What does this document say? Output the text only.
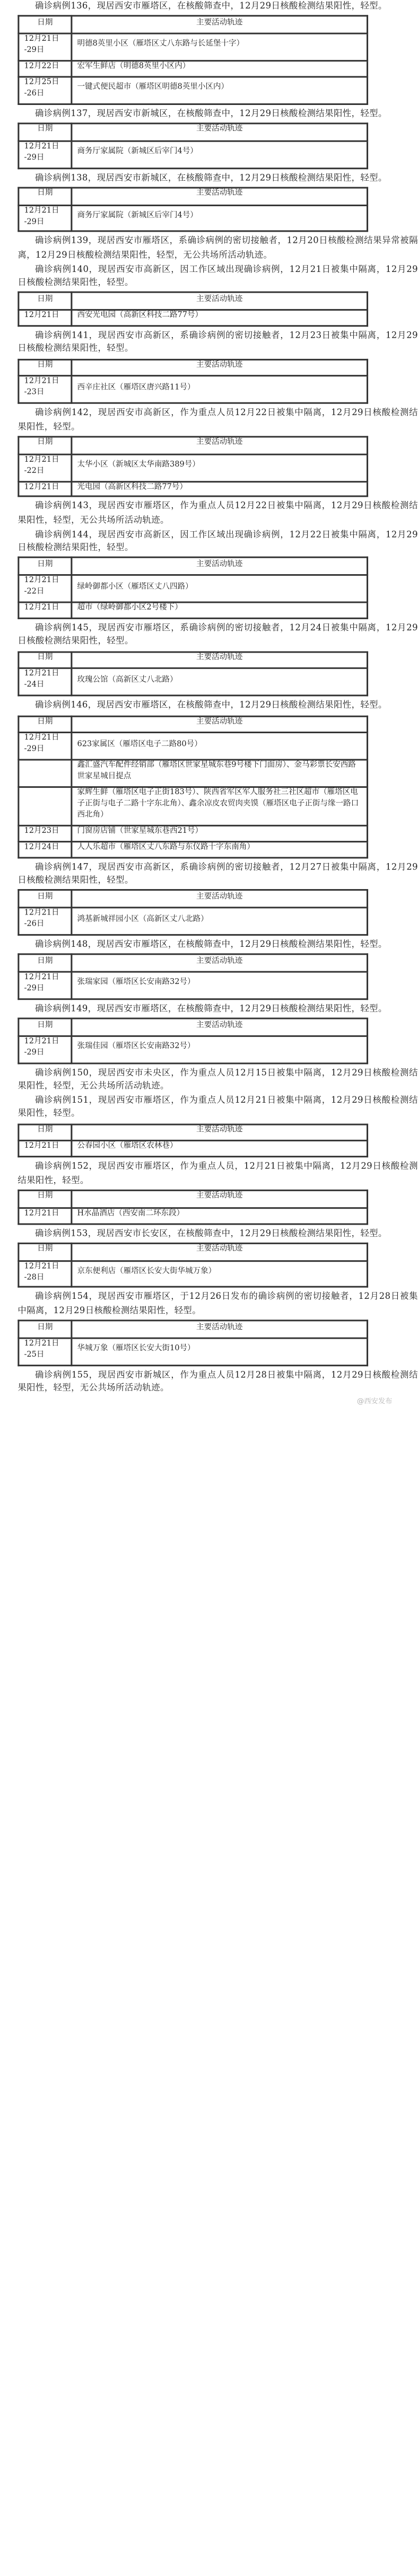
确诊病例136，现居西安市雁塔区，在核酸筛查中，12月29日核酸检测结果阳性，轻型。

日期	主要活动轨迹
12月21日
-29日	明德8英里小区（雁塔区丈八东路与长延堡十字）

12月22日	宏军生鲜店（明德8英里小区内）

12月25日
-26日	一键式便民超市（雁塔区明德8英里小区内）

确诊病例137，现居西安市新城区，在核酸筛查中，12月29日核酸检测结果阳性，轻型。

日期	主要活动轨迹
12月21日
-29日	商务厅家属院（新城区后宰门4号）

确诊病例138，现居西安市新城区，在核酸筛查中，12月29日核酸检测结果阳性，轻型。

日期	主要活动轨迹
12月21日
-29日	商务厅家属院（新城区后宰门4号）

确诊病例139，现居西安市雁塔区，系确诊病例的密切接触者，12月20日核酸检测结果异常被隔离，12月29日核酸检测结果阳性，轻型，无公共场所活动轨迹。

确诊病例140，现居西安市高新区，因工作区域出现确诊病例，12月21日被集中隔离，12月29日核酸检测结果阳性，轻型。

日期	主要活动轨迹
12月21日	西安光电园（高新区科技二路77号）

确诊病例141，现居西安市高新区，系确诊病例的密切接触者，12月23日被集中隔离，12月29日核酸检测结果阳性，轻型。

日期	主要活动轨迹
12月21日
-23日	西辛庄社区（雁塔区唐兴路11号）

确诊病例142，现居西安市高新区，作为重点人员12月22日被集中隔离，12月29日核酸检测结果阳性，轻型。

日期	主要活动轨迹
12月21日
-22日	太华小区（新城区太华南路389号）

12月21日	光电园（高新区科技二路77号）

确诊病例143，现居西安市雁塔区，作为重点人员12月22日被集中隔离，12月29日核酸检测结果阳性，轻型，无公共场所活动轨迹。

确诊病例144，现居西安市高新区，因工作区域出现确诊病例，12月22日被集中隔离，12月29日核酸检测结果阳性，轻型。

日期	主要活动轨迹
12月21日
-22日	绿岭御都小区（雁塔区丈八四路）

12月21日	超市（绿岭御都小区2号楼下）

确诊病例145，现居西安市雁塔区，系确诊病例的密切接触者，12月24日被集中隔离，12月29日核酸检测结果阳性，轻型。

日期	主要活动轨迹
12月21日
-24日	玫瑰公馆（高新区丈八北路）

确诊病例146，现居西安市雁塔区，在核酸筛查中，12月29日核酸检测结果阳性，轻型。

日期	主要活动轨迹
12月21日
-29日	623家属区（雁塔区电子二路80号）

	鑫汇盛汽车配件经销部（雁塔区世家星城东巷9号楼下门面房）、金马彩票长安西路世家星城目提点

	家辉生鲜（雁塔区电子正街183号）、陕西省军区军人服务社三社区超市（雁塔区电子正街与电子二路十字东北角）、鑫余凉皮农贸肉夹馍（雁塔区电子正街与缘一路口西北角）

12月23日	门窗房店铺（世家星城东巷西21号）

12月24日	人人乐超市（雁塔区丈八东路与东仪路十字东南角）

确诊病例147，现居西安市高新区，系确诊病例的密切接触者，12月27日被集中隔离，12月29日核酸检测结果阳性，轻型。

日期	主要活动轨迹
12月21日
-26日	鸿基新城祥园小区（高新区丈八北路）

确诊病例148，现居西安市雁塔区，在核酸筛查中，12月29日核酸检测结果阳性，轻型。

日期	主要活动轨迹
12月21日
-29日	张瑞家园（雁塔区长安南路32号）

确诊病例149，现居西安市雁塔区，在核酸筛查中，12月29日核酸检测结果阳性，轻型。

日期	主要活动轨迹
12月21日
-29日	张瑞佳园（雁塔区长安南路32号）

确诊病例150，现居西安市未央区，作为重点人员12月15日被集中隔离，12月29日核酸检测结果阳性，轻型，无公共场所活动轨迹。

确诊病例151，现居西安市雁塔区，作为重点人员12月21日被集中隔离，12月29日核酸检测结果阳性，轻型。

日期	主要活动轨迹
12月21日	公春园小区（雁塔区农林巷）

确诊病例152，现居西安市雁塔区，作为重点人员，12月21日被集中隔离，12月29日核酸检测结果阳性，轻型。

日期	主要活动轨迹
12月21日	H水晶酒店（西安南二环东段）

确诊病例153，现居西安市长安区，在核酸筛查中，12月29日核酸检测结果阳性，轻型。

日期	主要活动轨迹
12月21日
-28日	京东便利店（雁塔区长安大街华城万象）

确诊病例154，现居西安市雁塔区，于12月26日发布的确诊病例的密切接触者，12月28日被集中隔离，12月29日核酸检测结果阳性，轻型。

日期	主要活动轨迹
12月21日
-25日	华城万象（雁塔区长安大街10号）

确诊病例155，现居西安市新城区，作为重点人员12月28日被集中隔离，12月29日核酸检测结果阳性，轻型，无公共场所活动轨迹。

@西安发布
